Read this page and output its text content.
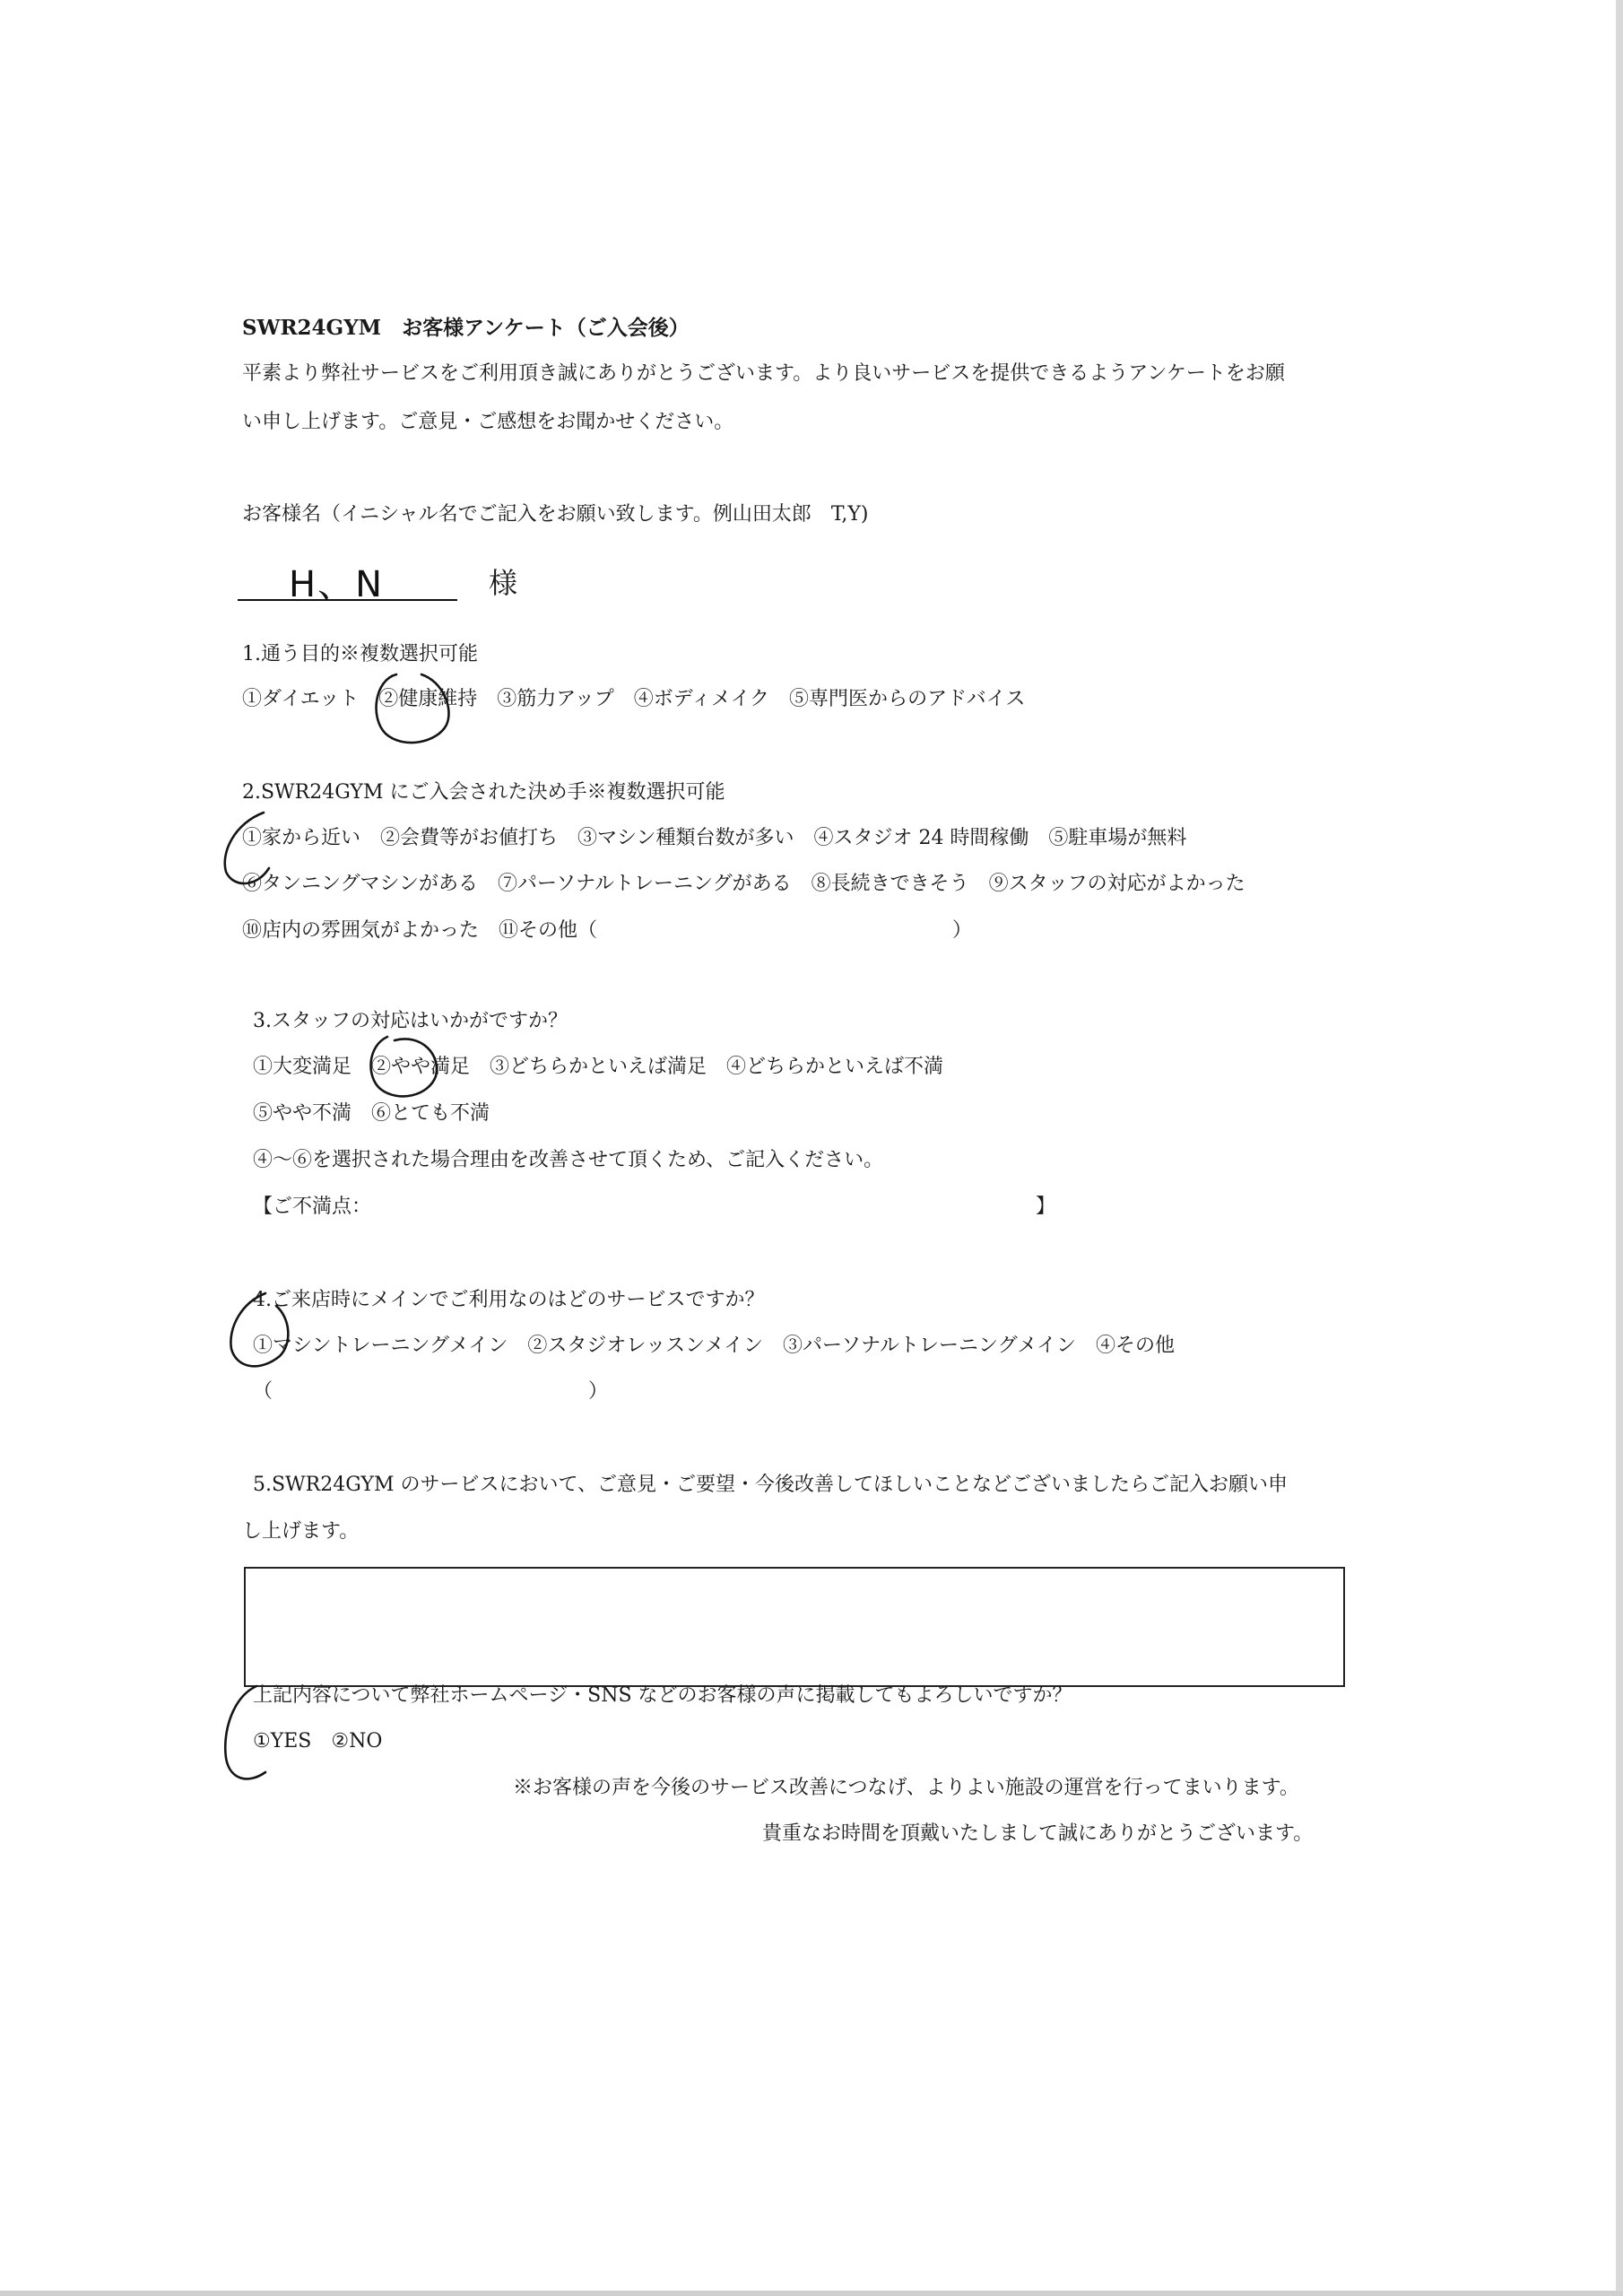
SWR24GYM　お客様アンケート（ご入会後）
平素より弊社サービスをご利用頂き誠にありがとうございます。より良いサービスを提供できるようアンケートをお願
い申し上げます。ご意見・ご感想をお聞かせください。
お客様名（イニシャル名でご記入をお願い致します。例山田太郎　T,Y)
H、N	様
1.通う目的※複数選択可能
①ダイエット　②健康維持　③筋力アップ　④ボディメイク　⑤専門医からのアドバイス
2.SWR24GYM にご入会された決め手※複数選択可能
①家から近い　②会費等がお値打ち　③マシン種類台数が多い　④スタジオ 24 時間稼働　⑤駐車場が無料
⑥タンニングマシンがある　⑦パーソナルトレーニングがある　⑧長続きできそう　⑨スタッフの対応がよかった
⑩店内の雰囲気がよかった　⑪その他（　　　　　　　　　　　　　　　　　　）
3.スタッフの対応はいかがですか？
①大変満足　②やや満足　③どちらかといえば満足　④どちらかといえば不満
⑤やや不満　⑥とても不満
④～⑥を選択された場合理由を改善させて頂くため、ご記入ください。
【ご不満点：	】
4.ご来店時にメインでご利用なのはどのサービスですか？
①マシントレーニングメイン　②スタジオレッスンメイン　③パーソナルトレーニングメイン　④その他
（　　　　　　　　　　　　　　　　）
5.SWR24GYM のサービスにおいて、ご意見・ご要望・今後改善してほしいことなどございましたらご記入お願い申
し上げます。
上記内容について弊社ホームページ・SNS などのお客様の声に掲載してもよろしいですか？
①YES　②NO
※お客様の声を今後のサービス改善につなげ、よりよい施設の運営を行ってまいります。
貴重なお時間を頂戴いたしまして誠にありがとうございます。
